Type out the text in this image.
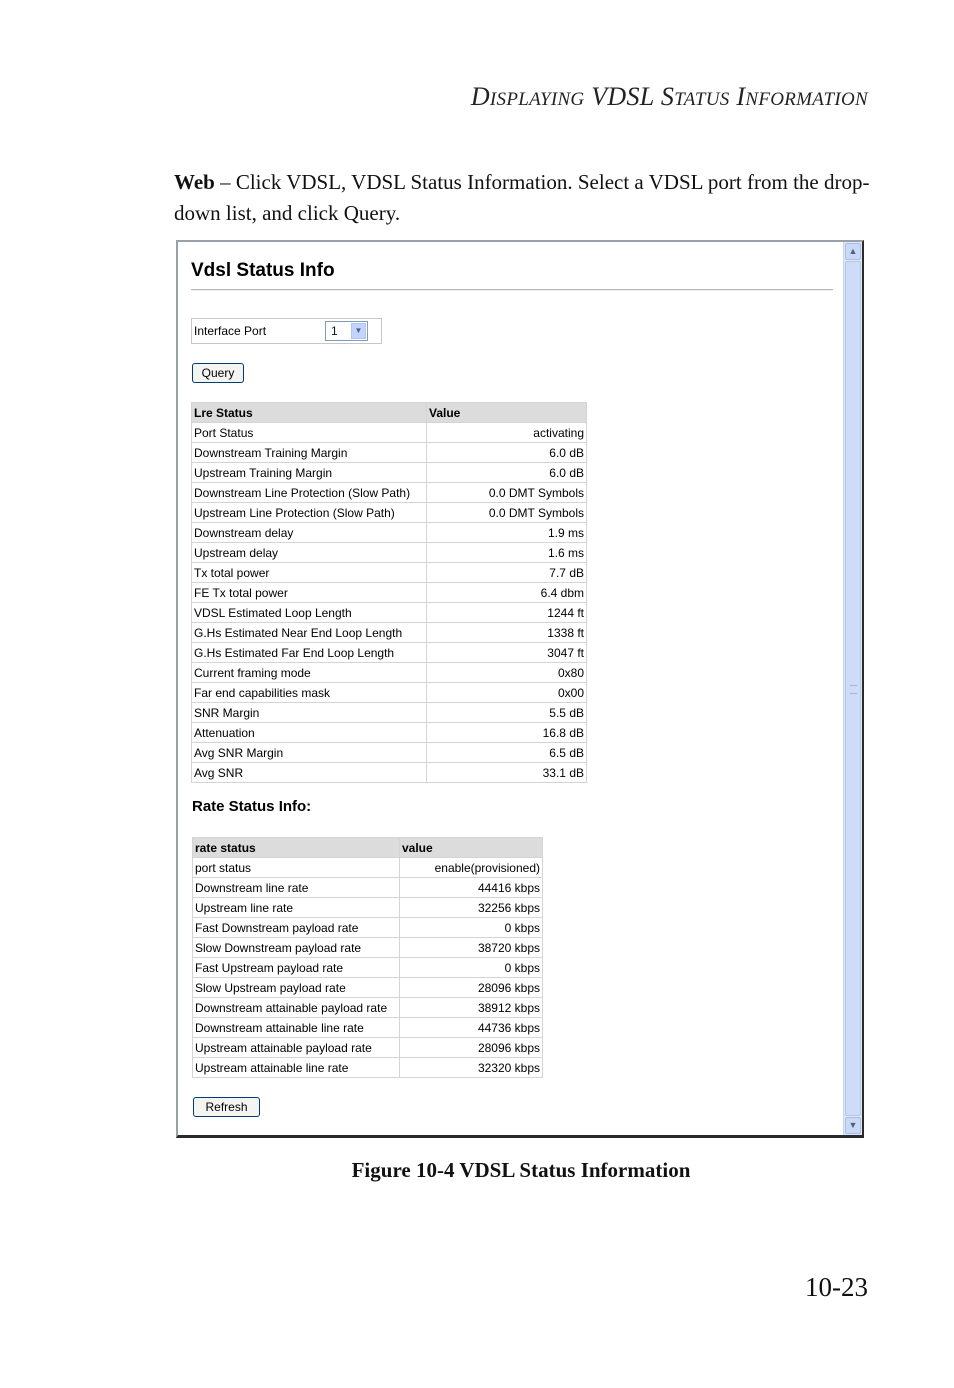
DISPLAYING VDSL STATUS INFORMATION
Web – Click VDSL, VDSL Status Information. Select a VDSL port from the drop-down list, and click Query.
Vdsl Status Info
Interface Port	1	▼
Query
Lre Status	Value
Port Status	activating
Downstream Training Margin	6.0 dB
Upstream Training Margin	6.0 dB
Downstream Line Protection (Slow Path)	0.0 DMT Symbols
Upstream Line Protection (Slow Path)	0.0 DMT Symbols
Downstream delay	1.9 ms
Upstream delay	1.6 ms
Tx total power	7.7 dB
FE Tx total power	6.4 dbm
VDSL Estimated Loop Length	1244 ft
G.Hs Estimated Near End Loop Length	1338 ft
G.Hs Estimated Far End Loop Length	3047 ft
Current framing mode	0x80
Far end capabilities mask	0x00
SNR Margin	5.5 dB
Attenuation	16.8 dB
Avg SNR Margin	6.5 dB
Avg SNR	33.1 dB
Rate Status Info:
rate status	value
port status	enable(provisioned)
Downstream line rate	44416 kbps
Upstream line rate	32256 kbps
Fast Downstream payload rate	0 kbps
Slow Downstream payload rate	38720 kbps
Fast Upstream payload rate	0 kbps
Slow Upstream payload rate	28096 kbps
Downstream attainable payload rate	38912 kbps
Downstream attainable line rate	44736 kbps
Upstream attainable payload rate	28096 kbps
Upstream attainable line rate	32320 kbps
Refresh
▲
▼
Figure 10-4 VDSL Status Information
10-23
